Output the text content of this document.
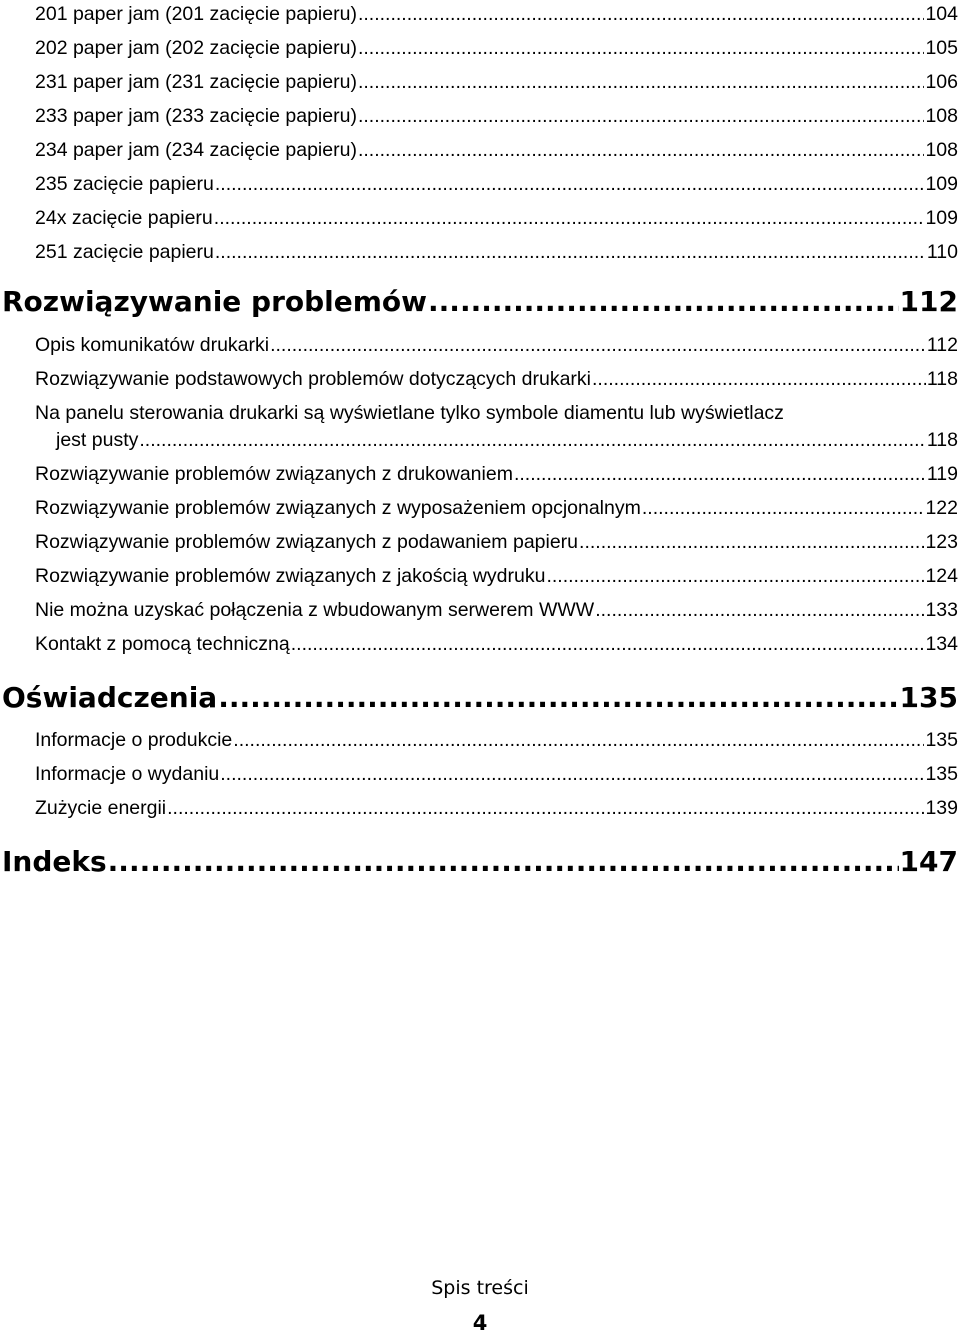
201 paper jam (201 zacięcie papieru) .....	104
202 paper jam (202 zacięcie papieru) .....	105
231 paper jam (231 zacięcie papieru) .....	106
233 paper jam (233 zacięcie papieru) .....	108
234 paper jam (234 zacięcie papieru) .....	108
235 zacięcie papieru .....	109
24x zacięcie papieru .....	109
251 zacięcie papieru .....	110
Rozwiązywanie problemów .....	112
Opis komunikatów drukarki .....	112
Rozwiązywanie podstawowych problemów dotyczących drukarki .....	118
Na panelu sterowania drukarki są wyświetlane tylko symbole diamentu lub wyświetlacz
jest pusty .....	118
Rozwiązywanie problemów związanych z drukowaniem .....	119
Rozwiązywanie problemów związanych z wyposażeniem opcjonalnym .....	122
Rozwiązywanie problemów związanych z podawaniem papieru .....	123
Rozwiązywanie problemów związanych z jakością wydruku .....	124
Nie można uzyskać połączenia z wbudowanym serwerem WWW .....	133
Kontakt z pomocą techniczną .....	134
Oświadczenia .....	135
Informacje o produkcie .....	135
Informacje o wydaniu .....	135
Zużycie energii .....	139
Indeks .....	147
Spis treści
4
